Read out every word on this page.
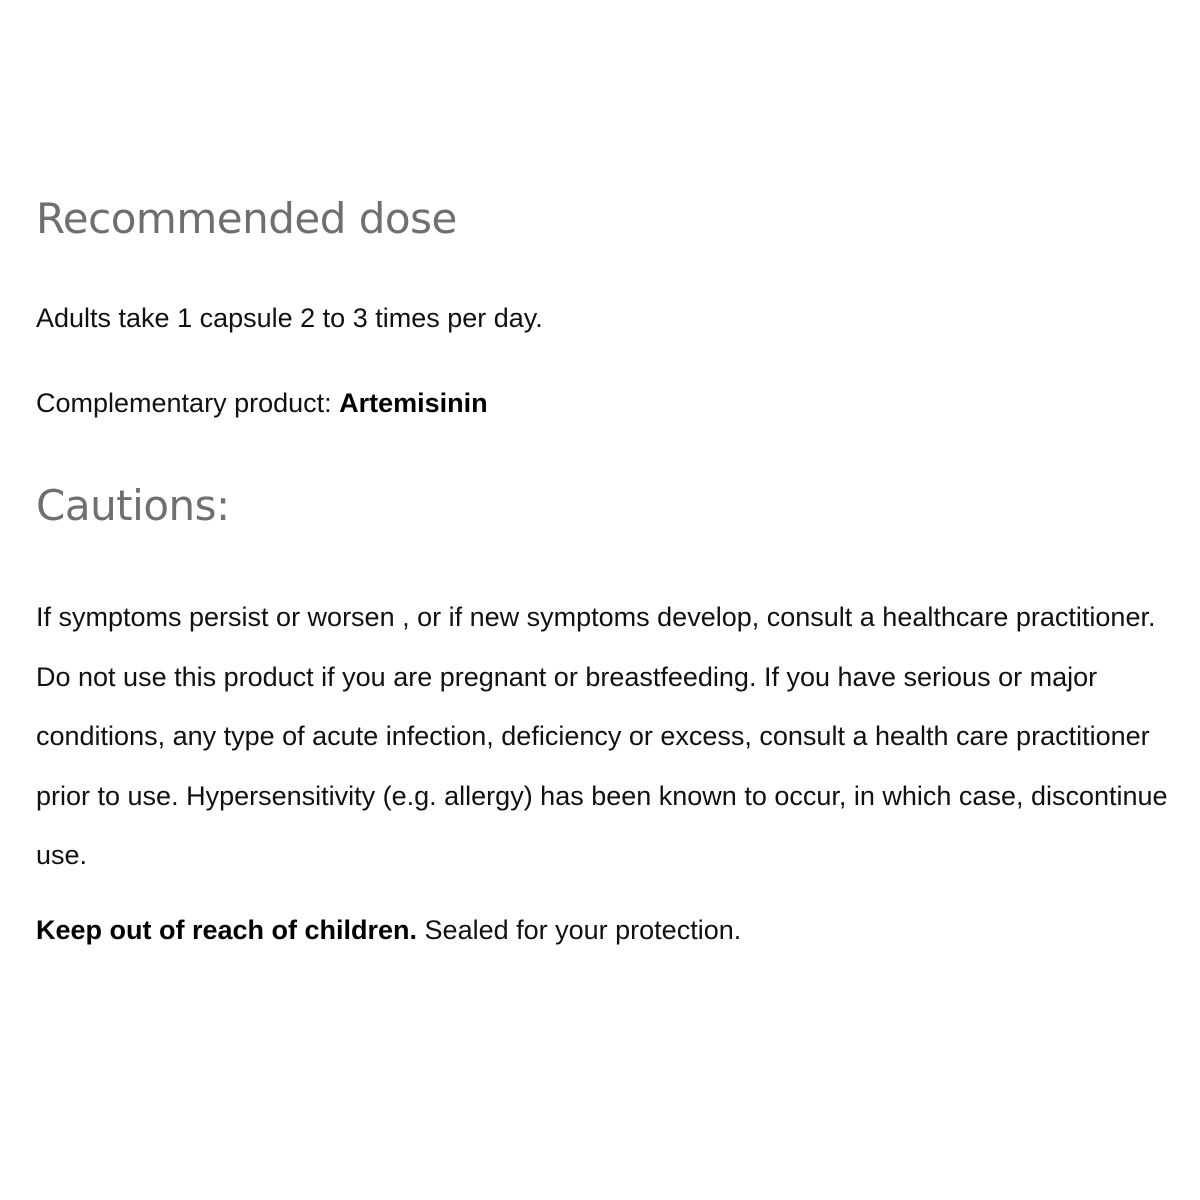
Recommended dose

Adults take 1 capsule 2 to 3 times per day.

Complementary product: Artemisinin

Cautions:

If symptoms persist or worsen , or if new symptoms develop, consult a healthcare practitioner. Do not use this product if you are pregnant or breastfeeding. If you have serious or major conditions, any type of acute infection, deficiency or excess, consult a health care practitioner prior to use. Hypersensitivity (e.g. allergy) has been known to occur, in which case, discontinue use.

Keep out of reach of children. Sealed for your protection.
